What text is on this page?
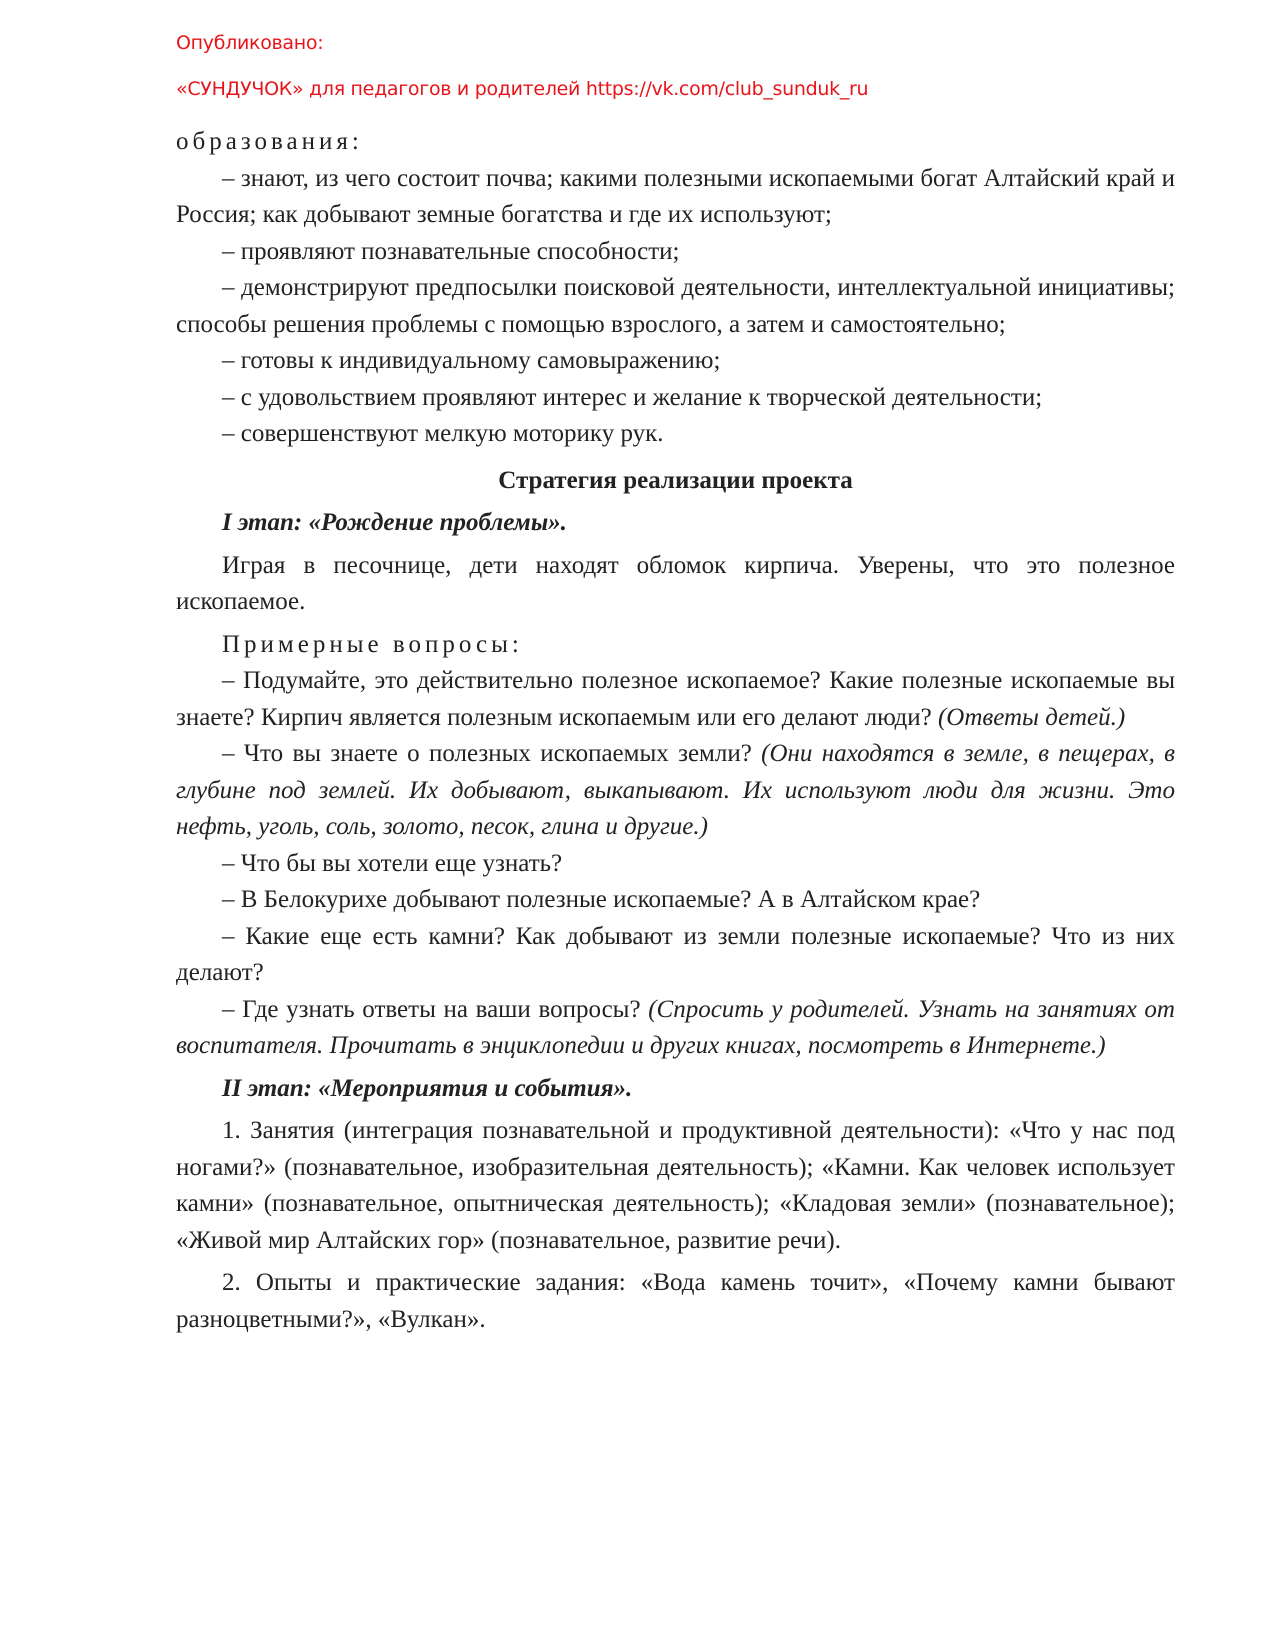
Опубликовано:
«СУНДУЧОК» для педагогов и родителей https://vk.com/club_sunduk_ru

образования:

– знают, из чего состоит почва; какими полезными ископаемыми богат Алтайский край и Россия; как добывают земные богатства и где их используют;

– проявляют познавательные способности;

– демонстрируют предпосылки поисковой деятельности, интеллектуальной инициативы; способы решения проблемы с помощью взрослого, а затем и самостоятельно;

– готовы к индивидуальному самовыражению;

– с удовольствием проявляют интерес и желание к творческой деятельности;

– совершенствуют мелкую моторику рук.

Стратегия реализации проекта

I этап: «Рождение проблемы».

Играя в песочнице, дети находят обломок кирпича. Уверены, что это полезное ископаемое.

Примерные вопросы:

– Подумайте, это действительно полезное ископаемое? Какие полезные ископаемые вы знаете? Кирпич является полезным ископаемым или его делают люди? (Ответы детей.)

– Что вы знаете о полезных ископаемых земли? (Они находятся в земле, в пещерах, в глубине под землей. Их добывают, выкапывают. Их используют люди для жизни. Это нефть, уголь, соль, золото, песок, глина и другие.)

– Что бы вы хотели еще узнать?

– В Белокурихе добывают полезные ископаемые? А в Алтайском крае?

– Какие еще есть камни? Как добывают из земли полезные ископаемые? Что из них делают?

– Где узнать ответы на ваши вопросы? (Спросить у родителей. Узнать на занятиях от воспитателя. Прочитать в энциклопедии и других книгах, посмотреть в Интернете.)

II этап: «Мероприятия и события».

1. Занятия (интеграция познавательной и продуктивной деятельности): «Что у нас под ногами?» (познавательное, изобразительная деятельность); «Камни. Как человек использует камни» (познавательное, опытническая деятельность); «Кладовая земли» (познавательное); «Живой мир Алтайских гор» (познавательное, развитие речи).

2. Опыты и практические задания: «Вода камень точит», «Почему камни бывают разноцветными?», «Вулкан».
